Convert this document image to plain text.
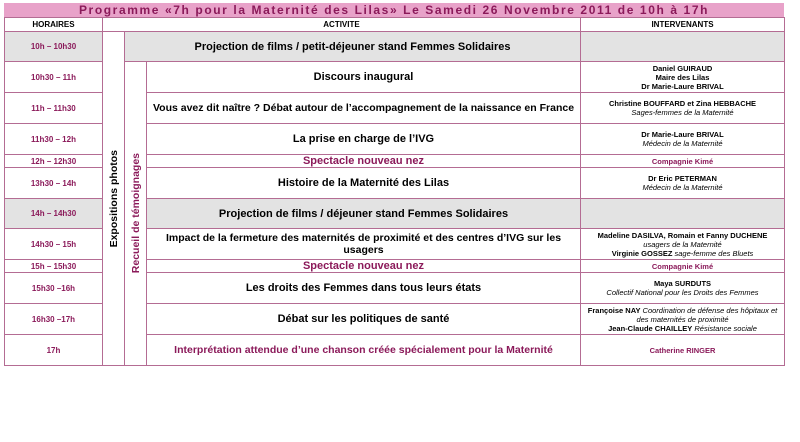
Programme «7h pour la Maternité des Lilas» Le Samedi 26 Novembre 2011 de 10h à 17h
HORAIRES	ACTIVITE			INTERVENANTS
10h – 10h30	Expositions photos	Projection de films / petit-déjeuner stand Femmes Solidaires		
10h30 – 11h		Recueil de témoignages	Discours inaugural	Daniel GUIRAUD
Maire des Lilas
Dr Marie-Laure BRIVAL

11h – 11h30			Vous avez dit naître ? Débat autour de l’accompagnement de la naissance en France	Christine BOUFFARD et Zina HEBBACHE
Sages-femmes de la Maternité

11h30 – 12h			La prise en charge de l’IVG	Dr Marie-Laure BRIVAL
Médecin de la Maternité

12h – 12h30			Spectacle nouveau nez	Compagnie Kimé

13h30 – 14h			Histoire de la Maternité des Lilas	Dr Eric PETERMAN
Médecin de la Maternité

14h – 14h30			Projection de films / déjeuner stand Femmes Solidaires	
14h30 – 15h			Impact de la fermeture des maternités de proximité et des centres d’IVG sur les usagers	Madeline DASILVA, Romain et Fanny DUCHENE
usagers de la Maternité
Virginie GOSSEZ sage-femme des Bluets

15h – 15h30			Spectacle nouveau nez	Compagnie Kimé

15h30 –16h			Les droits des Femmes dans tous leurs états	Maya SURDUTS
Collectif National pour les Droits des Femmes

16h30 –17h			Débat sur les politiques de santé	Françoise NAY Coordination de défense des hôpitaux et des maternités de proximité
Jean-Claude CHAILLEY Résistance sociale

17h			Interprétation attendue d’une chanson créée spécialement pour la Maternité	Catherine RINGER
